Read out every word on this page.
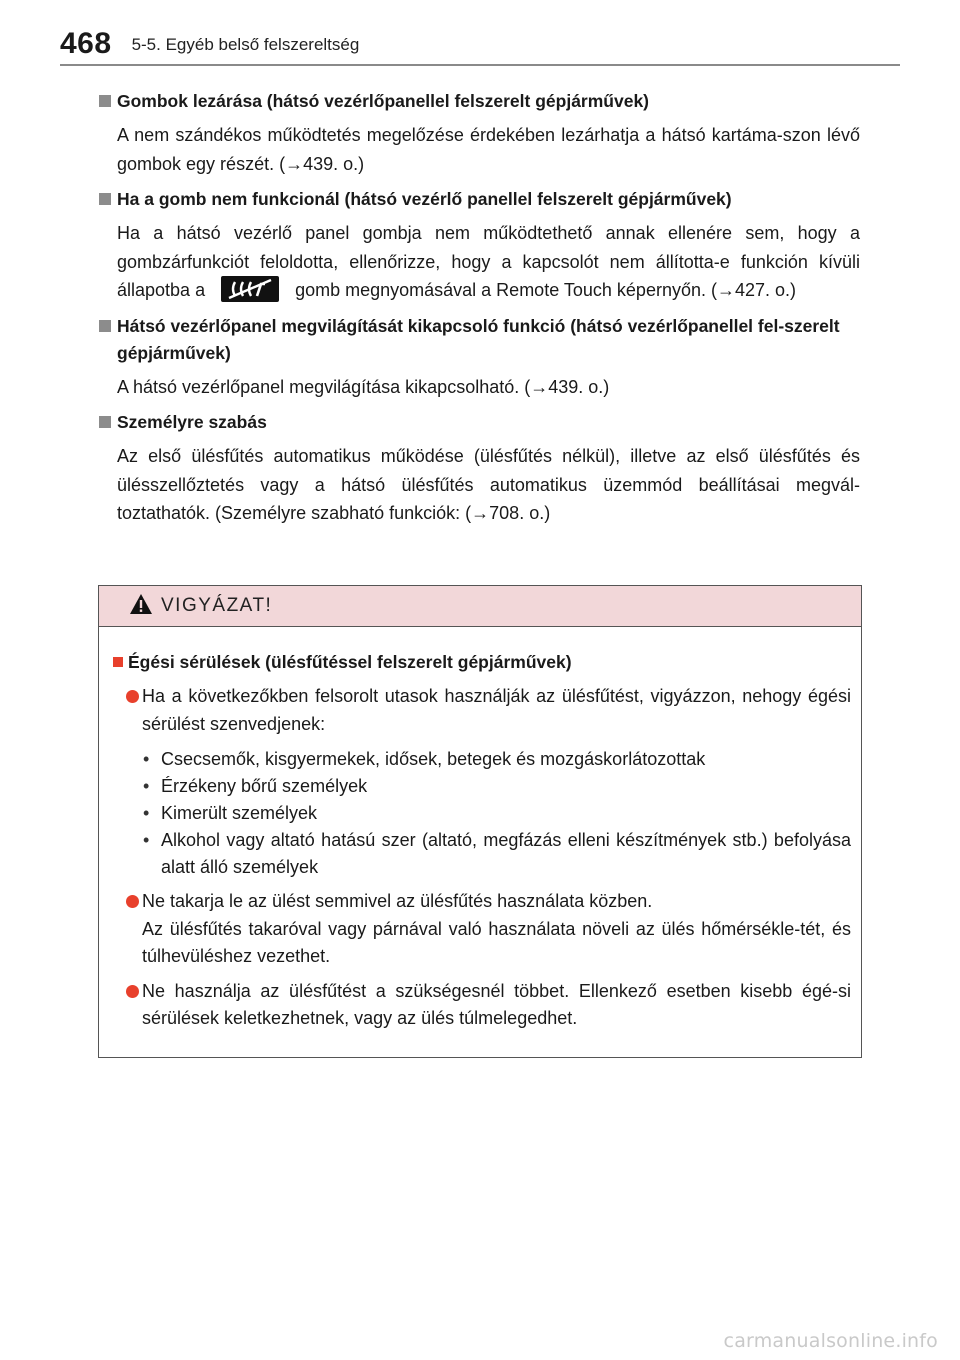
468 5-5. Egyéb belső felszereltség
Gombok lezárása (hátsó vezérlőpanellel felszerelt gépjárművek)
A nem szándékos működtetés megelőzése érdekében lezárhatja a hátsó kartáma-szon lévő gombok egy részét. (→439. o.)
Ha a gomb nem funkcionál (hátsó vezérlő panellel felszerelt gépjárművek)
Ha a hátsó vezérlő panel gombja nem működtethető annak ellenére sem, hogy a gombzárfunkciót feloldotta, ellenőrizze, hogy a kapcsolót nem állította-e funkción kívüli állapotba a	gomb megnyomásával a Remote Touch képernyőn. (→427. o.)
Hátsó vezérlőpanel megvilágítását kikapcsoló funkció (hátsó vezérlőpanellel fel-szerelt gépjárművek)
A hátsó vezérlőpanel megvilágítása kikapcsolható. (→439. o.)
Személyre szabás
Az első ülésfűtés automatikus működése (ülésfűtés nélkül), illetve az első ülésfűtés és ülésszellőztetés vagy a hátsó ülésfűtés automatikus üzemmód beállításai megvál-toztathatók. (Személyre szabható funkciók: (→708. o.)
VIGYÁZAT!
Égési sérülések (ülésfűtéssel felszerelt gépjárművek)
Ha a következőkben felsorolt utasok használják az ülésfűtést, vigyázzon, nehogy égési sérülést szenvedjenek:
• Csecsemők, kisgyermekek, idősek, betegek és mozgáskorlátozottak
• Érzékeny bőrű személyek
• Kimerült személyek
• Alkohol vagy altató hatású szer (altató, megfázás elleni készítmények stb.) befolyása alatt álló személyek
Ne takarja le az ülést semmivel az ülésfűtés használata közben.
Az ülésfűtés takaróval vagy párnával való használata növeli az ülés hőmérsékle-tét, és túlhevüléshez vezethet.
Ne használja az ülésfűtést a szükségesnél többet. Ellenkező esetben kisebb égé-si sérülések keletkezhetnek, vagy az ülés túlmelegedhet.
carmanualsonline.info
